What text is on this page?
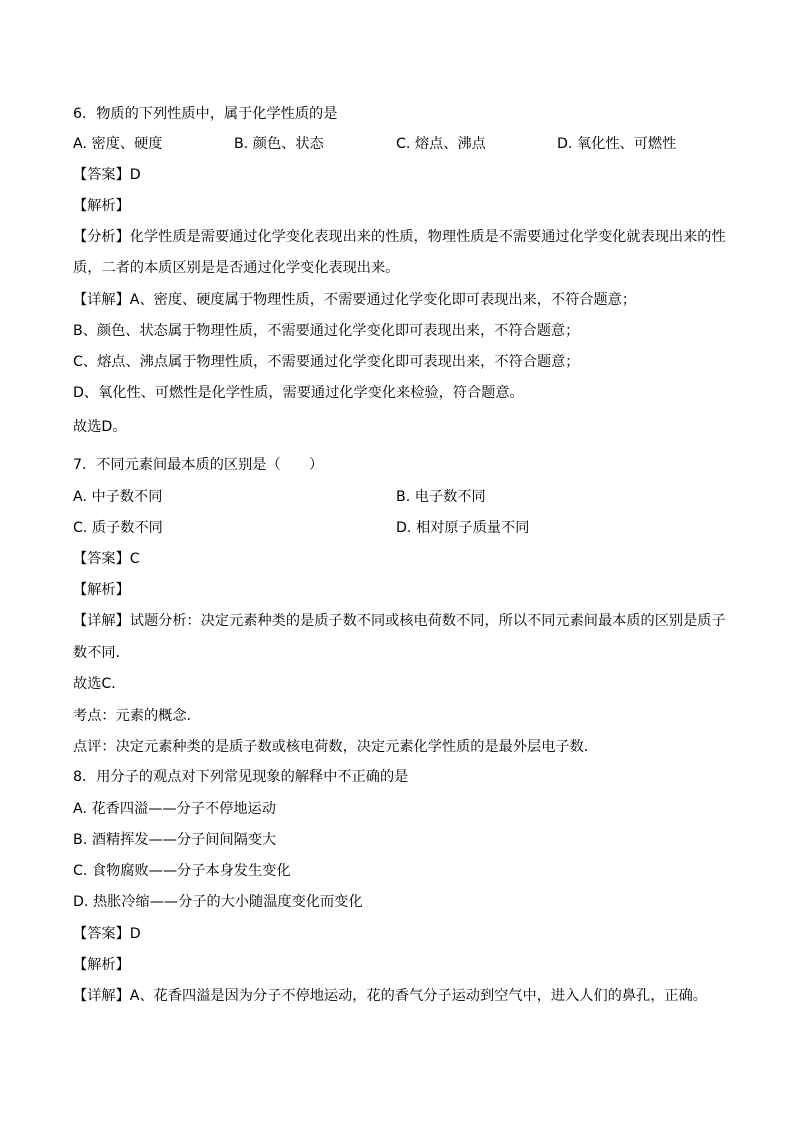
6．物质的下列性质中，属于化学性质的是
A. 密度、硬度	B. 颜色、状态	C. 熔点、沸点	D. 氧化性、可燃性
【答案】D
【解析】
【分析】化学性质是需要通过化学变化表现出来的性质，物理性质是不需要通过化学变化就表现出来的性
质，二者的本质区别是是否通过化学变化表现出来。
【详解】A、密度、硬度属于物理性质，不需要通过化学变化即可表现出来，不符合题意；
B、颜色、状态属于物理性质，不需要通过化学变化即可表现出来，不符合题意；
C、熔点、沸点属于物理性质，不需要通过化学变化即可表现出来，不符合题意；
D、氧化性、可燃性是化学性质，需要通过化学变化来检验，符合题意。
故选D。
7．不同元素间最本质的区别是（　　）
A. 中子数不同	B. 电子数不同
C. 质子数不同	D. 相对原子质量不同
【答案】C
【解析】
【详解】试题分析：决定元素种类的是质子数不同或核电荷数不同，所以不同元素间最本质的区别是质子
数不同．
故选C．
考点：元素的概念．
点评：决定元素种类的是质子数或核电荷数，决定元素化学性质的是最外层电子数．
8．用分子的观点对下列常见现象的解释中不正确的是
A. 花香四溢——分子不停地运动
B. 酒精挥发——分子间间隔变大
C. 食物腐败——分子本身发生变化
D. 热胀冷缩——分子的大小随温度变化而变化
【答案】D
【解析】
【详解】A、花香四溢是因为分子不停地运动，花的香气分子运动到空气中，进入人们的鼻孔，正确。
